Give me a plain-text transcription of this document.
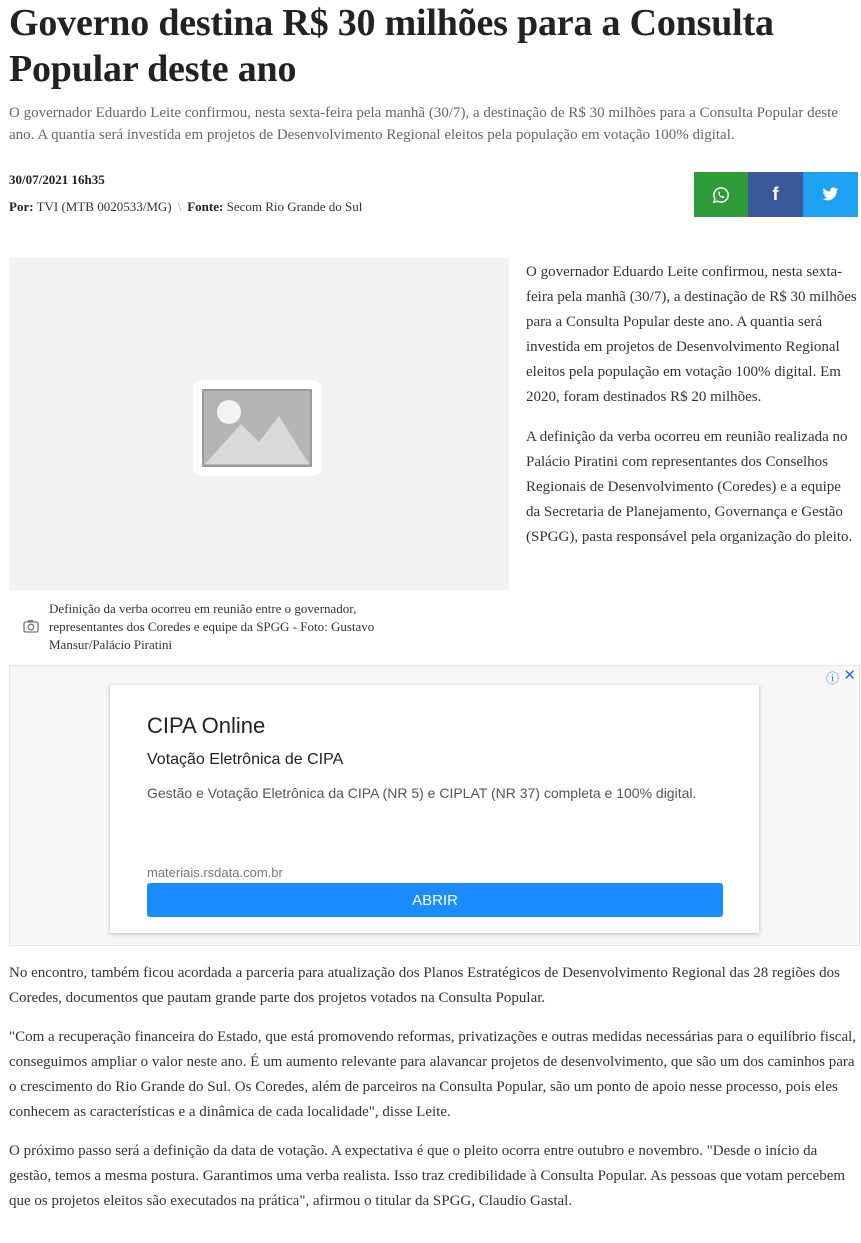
Governo destina R$ 30 milhões para a Consulta Popular deste ano

O governador Eduardo Leite confirmou, nesta sexta-feira pela manhã (30/7), a destinação de R$ 30 milhões para a Consulta Popular deste ano. A quantia será investida em projetos de Desenvolvimento Regional eleitos pela população em votação 100% digital.

30/07/2021 16h35
Por: TVI (MTB 0020533/MG) \ Fonte: Secom Rio Grande do Sul
f

Definição da verba ocorreu em reunião entre o governador, representantes dos Coredes e equipe da SPGG - Foto: Gustavo Mansur/Palácio Piratini

O governador Eduardo Leite confirmou, nesta sexta-feira pela manhã (30/7), a destinação de R$ 30 milhões para a Consulta Popular deste ano. A quantia será investida em projetos de Desenvolvimento Regional eleitos pela população em votação 100% digital. Em 2020, foram destinados R$ 20 milhões.

A definição da verba ocorreu em reunião realizada no Palácio Piratini com representantes dos Conselhos Regionais de Desenvolvimento (Coredes) e a equipe da Secretaria de Planejamento, Governança e Gestão (SPGG), pasta responsável pela organização do pleito.

ⓘ ✕
CIPA Online
Votação Eletrônica de CIPA
Gestão e Votação Eletrônica da CIPA (NR 5) e CIPLAT (NR 37) completa e 100% digital.
materiais.rsdata.com.br
ABRIR

No encontro, também ficou acordada a parceria para atualização dos Planos Estratégicos de Desenvolvimento Regional das 28 regiões dos Coredes, documentos que pautam grande parte dos projetos votados na Consulta Popular.

"Com a recuperação financeira do Estado, que está promovendo reformas, privatizações e outras medidas necessárias para o equilíbrio fiscal, conseguimos ampliar o valor neste ano. É um aumento relevante para alavancar projetos de desenvolvimento, que são um dos caminhos para o crescimento do Rio Grande do Sul. Os Coredes, além de parceiros na Consulta Popular, são um ponto de apoio nesse processo, pois eles conhecem as características e a dinâmica de cada localidade", disse Leite.

O próximo passo será a definição da data de votação. A expectativa é que o pleito ocorra entre outubro e novembro. "Desde o início da gestão, temos a mesma postura. Garantimos uma verba realista. Isso traz credibilidade à Consulta Popular. As pessoas que votam percebem que os projetos eleitos são executados na prática", afirmou o titular da SPGG, Claudio Gastal.
